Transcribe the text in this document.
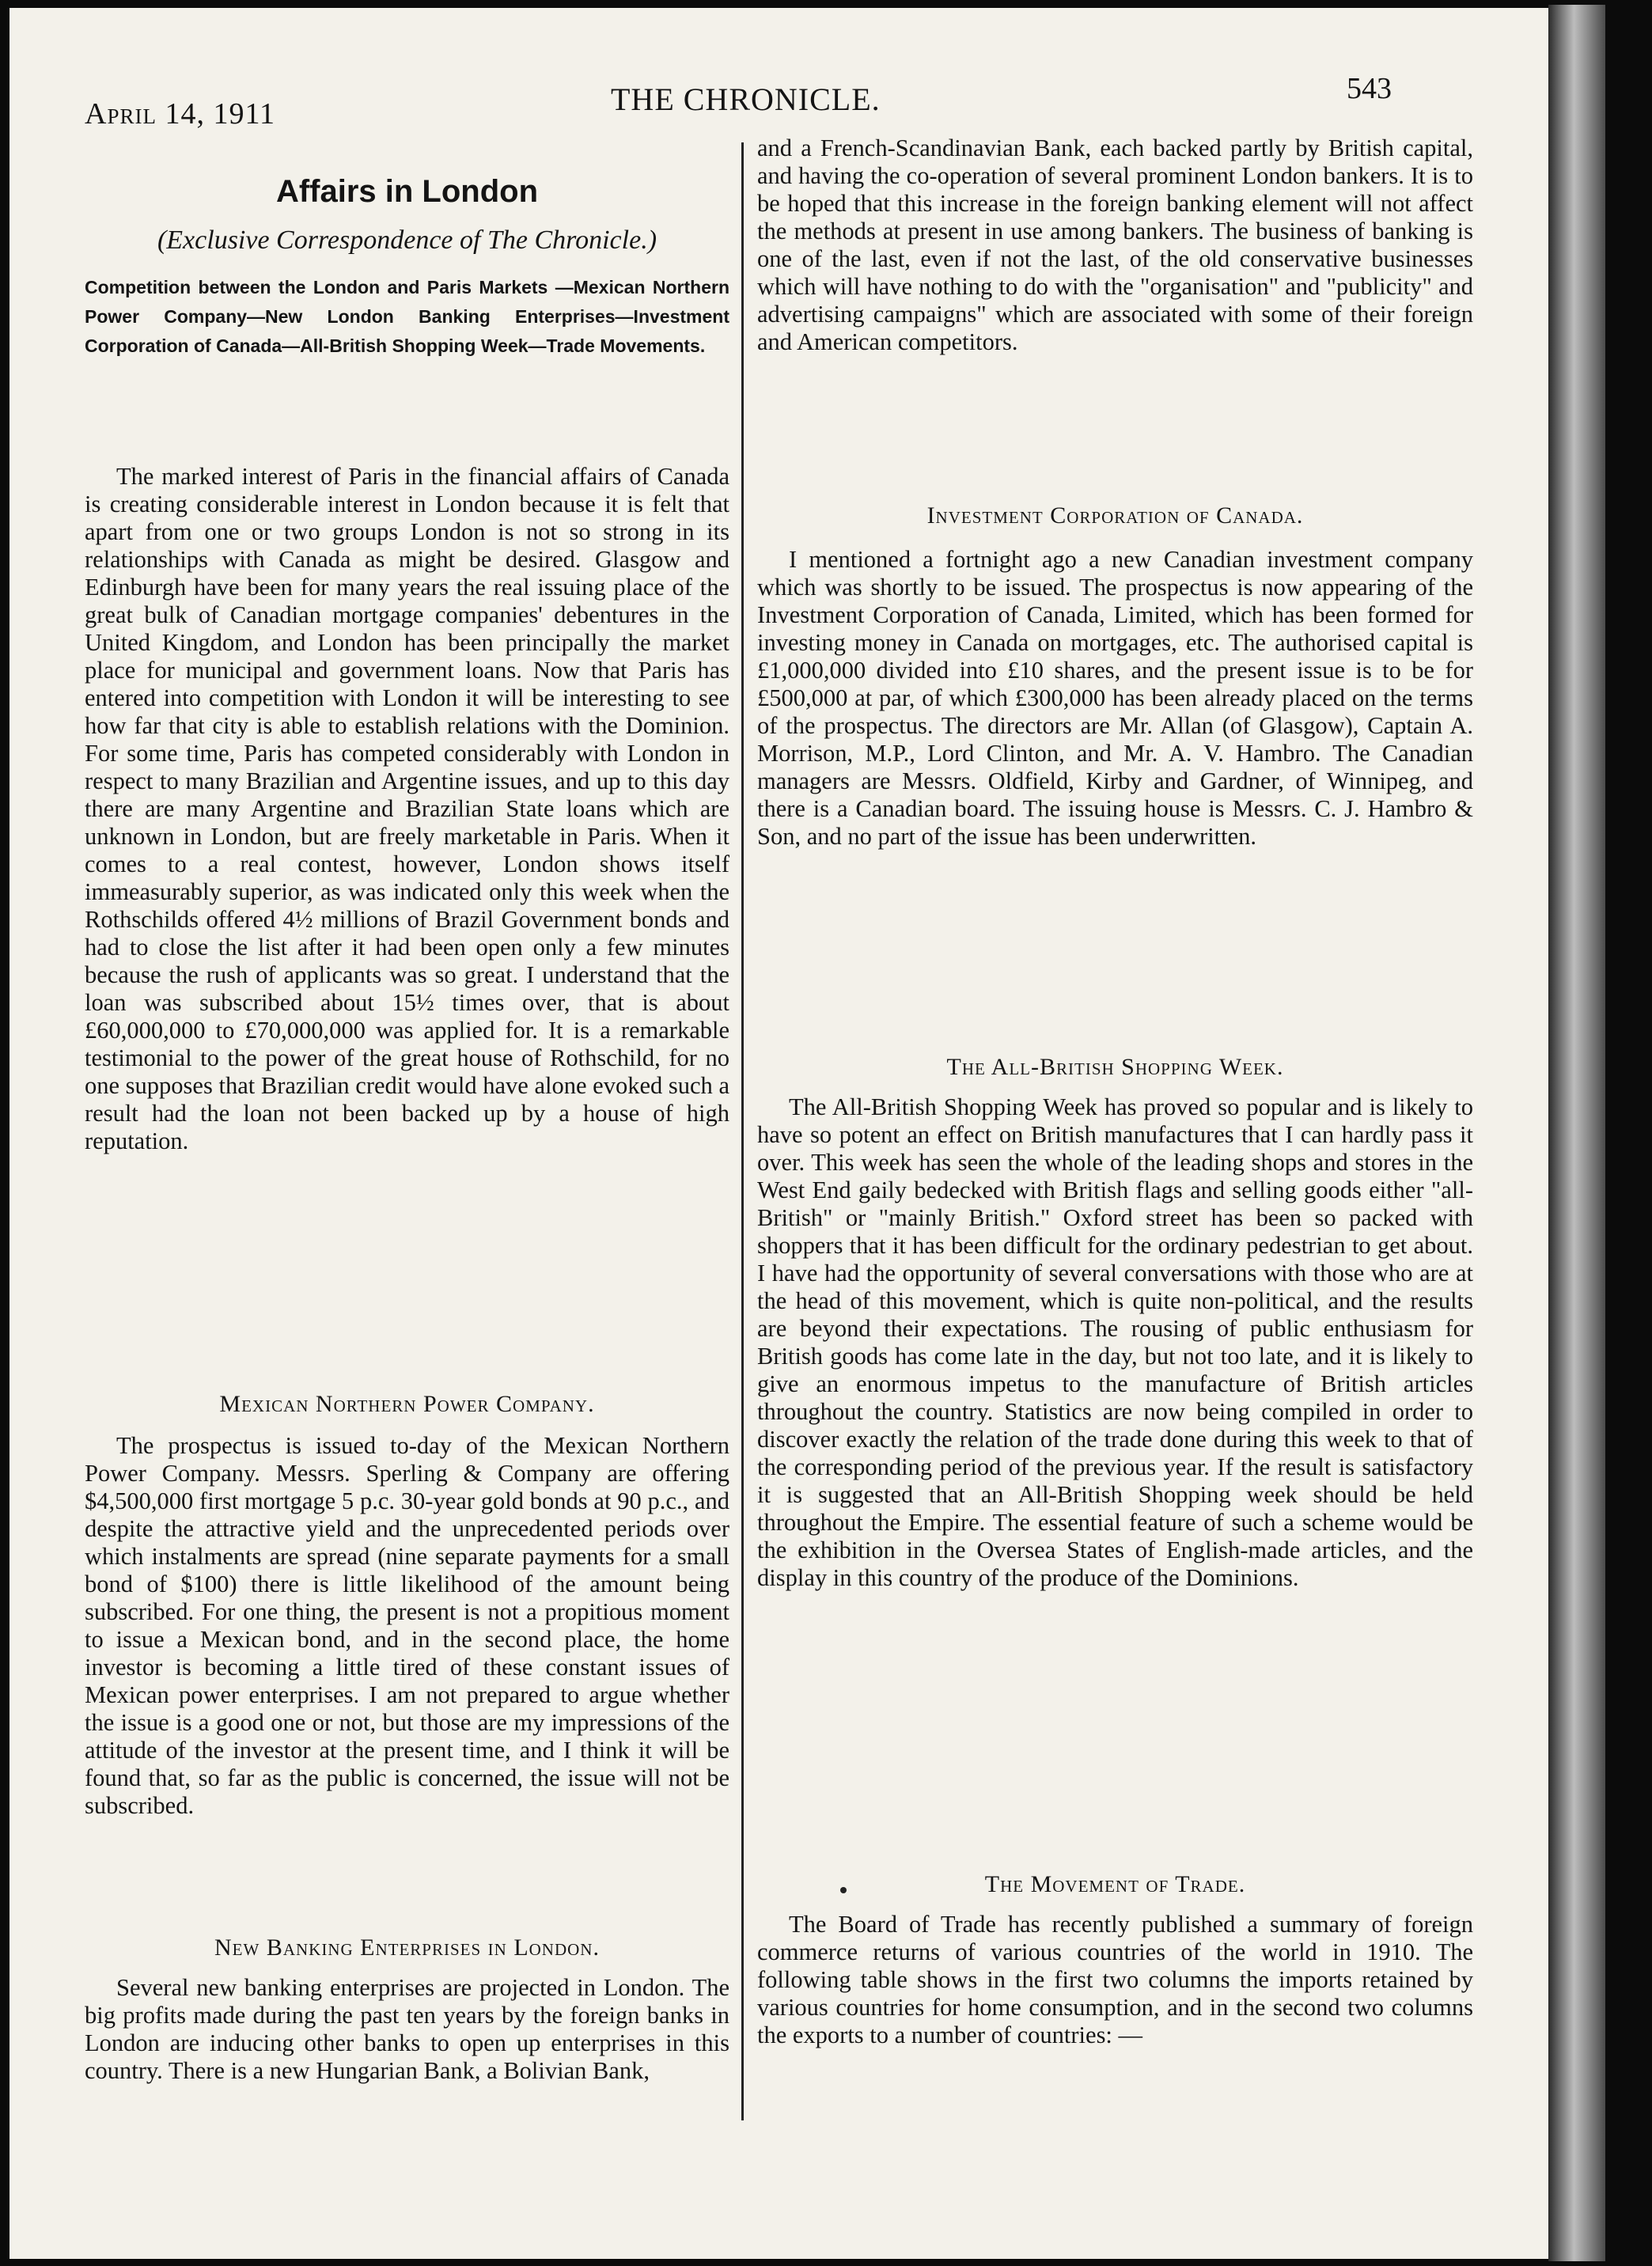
April 14, 1911	THE CHRONICLE.	543
Affairs in London
(Exclusive Correspondence of The Chronicle.)
Competition between the London and Paris Markets —Mexican Northern Power Company—New London Banking Enterprises—Investment Corporation of Canada—All-British Shopping Week—Trade Movements.

The marked interest of Paris in the financial affairs of Canada is creating considerable interest in London because it is felt that apart from one or two groups London is not so strong in its relationships with Canada as might be desired. Glasgow and Edinburgh have been for many years the real issuing place of the great bulk of Canadian mortgage companies' debentures in the United Kingdom, and London has been principally the market place for municipal and government loans. Now that Paris has entered into competition with London it will be interesting to see how far that city is able to establish relations with the Dominion. For some time, Paris has competed considerably with London in respect to many Brazilian and Argentine issues, and up to this day there are many Argentine and Brazilian State loans which are unknown in London, but are freely marketable in Paris. When it comes to a real contest, however, London shows itself immeasurably superior, as was indicated only this week when the Rothschilds offered 4½ millions of Brazil Government bonds and had to close the list after it had been open only a few minutes because the rush of applicants was so great. I understand that the loan was subscribed about 15½ times over, that is about £60,000,000 to £70,000,000 was applied for. It is a remarkable testimonial to the power of the great house of Rothschild, for no one supposes that Brazilian credit would have alone evoked such a result had the loan not been backed up by a house of high reputation.

Mexican Northern Power Company.

The prospectus is issued to-day of the Mexican Northern Power Company. Messrs. Sperling & Company are offering $4,500,000 first mortgage 5 p.c. 30-year gold bonds at 90 p.c., and despite the attractive yield and the unprecedented periods over which instalments are spread (nine separate payments for a small bond of $100) there is little likelihood of the amount being subscribed. For one thing, the present is not a propitious moment to issue a Mexican bond, and in the second place, the home investor is becoming a little tired of these constant issues of Mexican power enterprises. I am not prepared to argue whether the issue is a good one or not, but those are my impressions of the attitude of the investor at the present time, and I think it will be found that, so far as the public is concerned, the issue will not be subscribed.

New Banking Enterprises in London.

Several new banking enterprises are projected in London. The big profits made during the past ten years by the foreign banks in London are inducing other banks to open up enterprises in this country. There is a new Hungarian Bank, a Bolivian Bank,

and a French-Scandinavian Bank, each backed partly by British capital, and having the co-operation of several prominent London bankers. It is to be hoped that this increase in the foreign banking element will not affect the methods at present in use among bankers. The business of banking is one of the last, even if not the last, of the old conservative businesses which will have nothing to do with the "organisation" and "publicity" and advertising campaigns" which are associated with some of their foreign and American competitors.

Investment Corporation of Canada.

I mentioned a fortnight ago a new Canadian investment company which was shortly to be issued. The prospectus is now appearing of the Investment Corporation of Canada, Limited, which has been formed for investing money in Canada on mortgages, etc. The authorised capital is £1,000,000 divided into £10 shares, and the present issue is to be for £500,000 at par, of which £300,000 has been already placed on the terms of the prospectus. The directors are Mr. Allan (of Glasgow), Captain A. Morrison, M.P., Lord Clinton, and Mr. A. V. Hambro. The Canadian managers are Messrs. Oldfield, Kirby and Gardner, of Winnipeg, and there is a Canadian board. The issuing house is Messrs. C. J. Hambro & Son, and no part of the issue has been underwritten.

The All-British Shopping Week.

The All-British Shopping Week has proved so popular and is likely to have so potent an effect on British manufactures that I can hardly pass it over. This week has seen the whole of the leading shops and stores in the West End gaily bedecked with British flags and selling goods either "all-British" or "mainly British." Oxford street has been so packed with shoppers that it has been difficult for the ordinary pedestrian to get about. I have had the opportunity of several conversations with those who are at the head of this movement, which is quite non-political, and the results are beyond their expectations. The rousing of public enthusiasm for British goods has come late in the day, but not too late, and it is likely to give an enormous impetus to the manufacture of British articles throughout the country. Statistics are now being compiled in order to discover exactly the relation of the trade done during this week to that of the corresponding period of the previous year. If the result is satisfactory it is suggested that an All-British Shopping week should be held throughout the Empire. The essential feature of such a scheme would be the exhibition in the Oversea States of English-made articles, and the display in this country of the produce of the Dominions.

The Movement of Trade.

The Board of Trade has recently published a summary of foreign commerce returns of various countries of the world in 1910. The following table shows in the first two columns the imports retained by various countries for home consumption, and in the second two columns the exports to a number of countries: —
